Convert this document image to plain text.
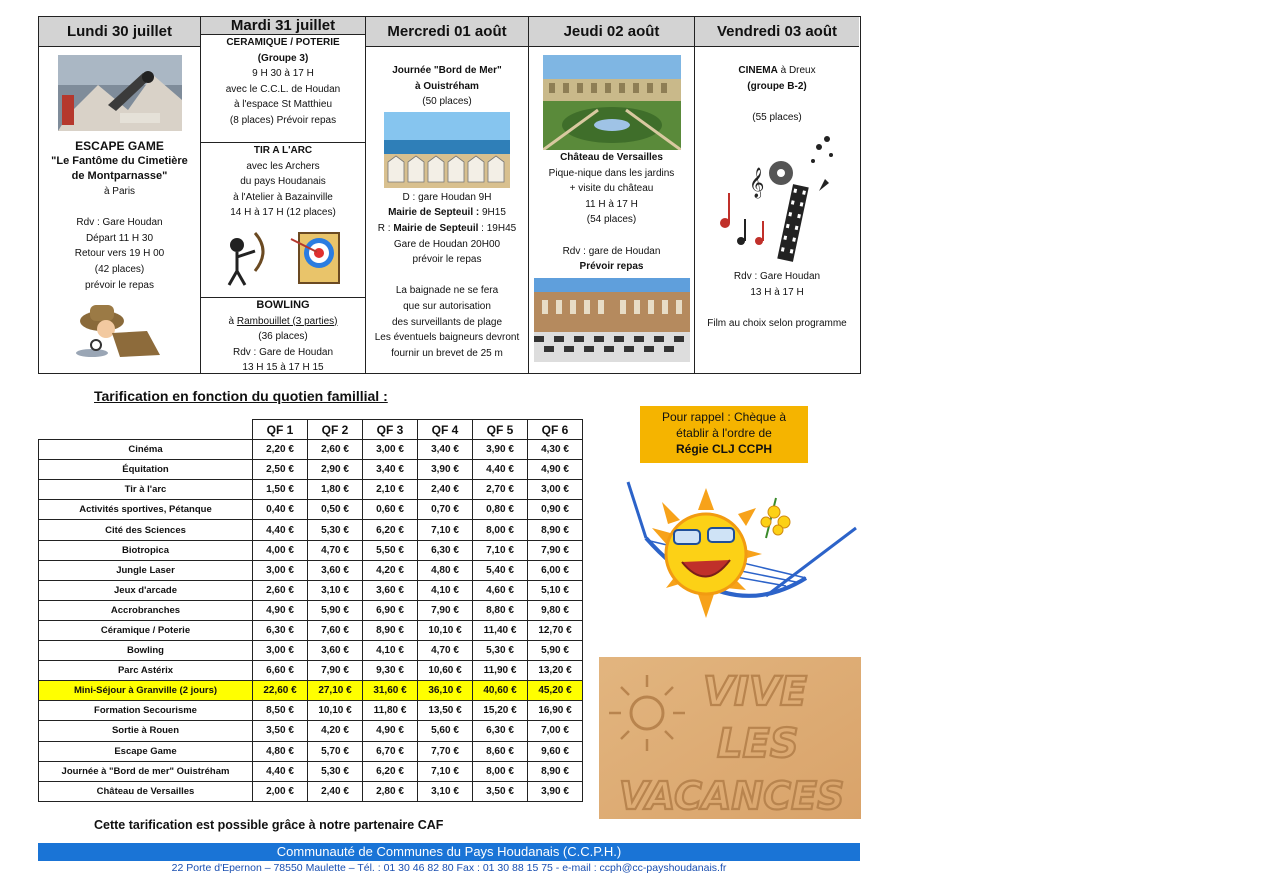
Lundi 30 juillet
ESCAPE GAME
"Le Fantôme du Cimetière
de Montparnasse"
à Paris
Rdv : Gare Houdan
Départ 11 H 30
Retour vers 19 H 00
(42 places)
prévoir le repas
Mardi 31 juillet
CERAMIQUE / POTERIE
(Groupe 3)
9 H 30 à 17 H
avec le C.C.L. de Houdan
à l'espace St Matthieu
(8 places) Prévoir repas
TIR A L'ARC
avec les Archers
du pays Houdanais
à l'Atelier à Bazainville
14 H à 17 H (12 places)
BOWLING
à Rambouillet (3 parties)
(36 places)
Rdv : Gare de Houdan
13 H 15 à 17 H 15
Mercredi 01 août
Journée "Bord de Mer"
à Ouistréham
(50 places)
D : gare Houdan 9H
Mairie de Septeuil : 9H15
R : Mairie de Septeuil : 19H45
Gare de Houdan 20H00
prévoir le repas
La baignade ne se fera
que sur autorisation
des surveillants de plage
Les éventuels baigneurs devront
fournir un brevet de 25 m
Jeudi 02 août
Château de Versailles
Pique-nique dans les jardins
+ visite du château
11 H à 17 H
(54 places)
Rdv : gare de Houdan
Prévoir repas
Vendredi 03 août
CINEMA à Dreux
(groupe B-2)
(55 places)
𝄞
Rdv : Gare Houdan
13 H à 17 H
Film au choix selon programme
Tarification en fonction du quotien famillial :
	QF 1	QF 2	QF 3	QF 4	QF 5	QF 6
Cinéma	2,20 €	2,60 €	3,00 €	3,40 €	3,90 €	4,30 €
Équitation	2,50 €	2,90 €	3,40 €	3,90 €	4,40 €	4,90 €
Tir à l'arc	1,50 €	1,80 €	2,10 €	2,40 €	2,70 €	3,00 €
Activités sportives, Pétanque	0,40 €	0,50 €	0,60 €	0,70 €	0,80 €	0,90 €
Cité des Sciences	4,40 €	5,30 €	6,20 €	7,10 €	8,00 €	8,90 €
Biotropica	4,00 €	4,70 €	5,50 €	6,30 €	7,10 €	7,90 €
Jungle Laser	3,00 €	3,60 €	4,20 €	4,80 €	5,40 €	6,00 €
Jeux d'arcade	2,60 €	3,10 €	3,60 €	4,10 €	4,60 €	5,10 €
Accrobranches	4,90 €	5,90 €	6,90 €	7,90 €	8,80 €	9,80 €
Céramique / Poterie	6,30 €	7,60 €	8,90 €	10,10 €	11,40 €	12,70 €
Bowling	3,00 €	3,60 €	4,10 €	4,70 €	5,30 €	5,90 €
Parc Astérix	6,60 €	7,90 €	9,30 €	10,60 €	11,90 €	13,20 €
Mini-Séjour à Granville (2 jours)	22,60 €	27,10 €	31,60 €	36,10 €	40,60 €	45,20 €
Formation Secourisme	8,50 €	10,10 €	11,80 €	13,50 €	15,20 €	16,90 €
Sortie à Rouen	3,50 €	4,20 €	4,90 €	5,60 €	6,30 €	7,00 €
Escape Game	4,80 €	5,70 €	6,70 €	7,70 €	8,60 €	9,60 €
Journée à "Bord de mer" Ouistréham	4,40 €	5,30 €	6,20 €	7,10 €	8,00 €	8,90 €
Château de Versailles	2,00 €	2,40 €	2,80 €	3,10 €	3,50 €	3,90 €
Cette tarification est possible grâce à notre partenaire CAF
Pour rappel : Chèque à
établir à l'ordre de
Régie CLJ CCPH
VIVE
LES
VACANCES
Communauté de Communes du Pays Houdanais (C.C.P.H.)
22 Porte d'Epernon – 78550 Maulette – Tél. : 01 30 46 82 80 Fax : 01 30 88 15 75 - e-mail : ccph@cc-payshoudanais.fr
